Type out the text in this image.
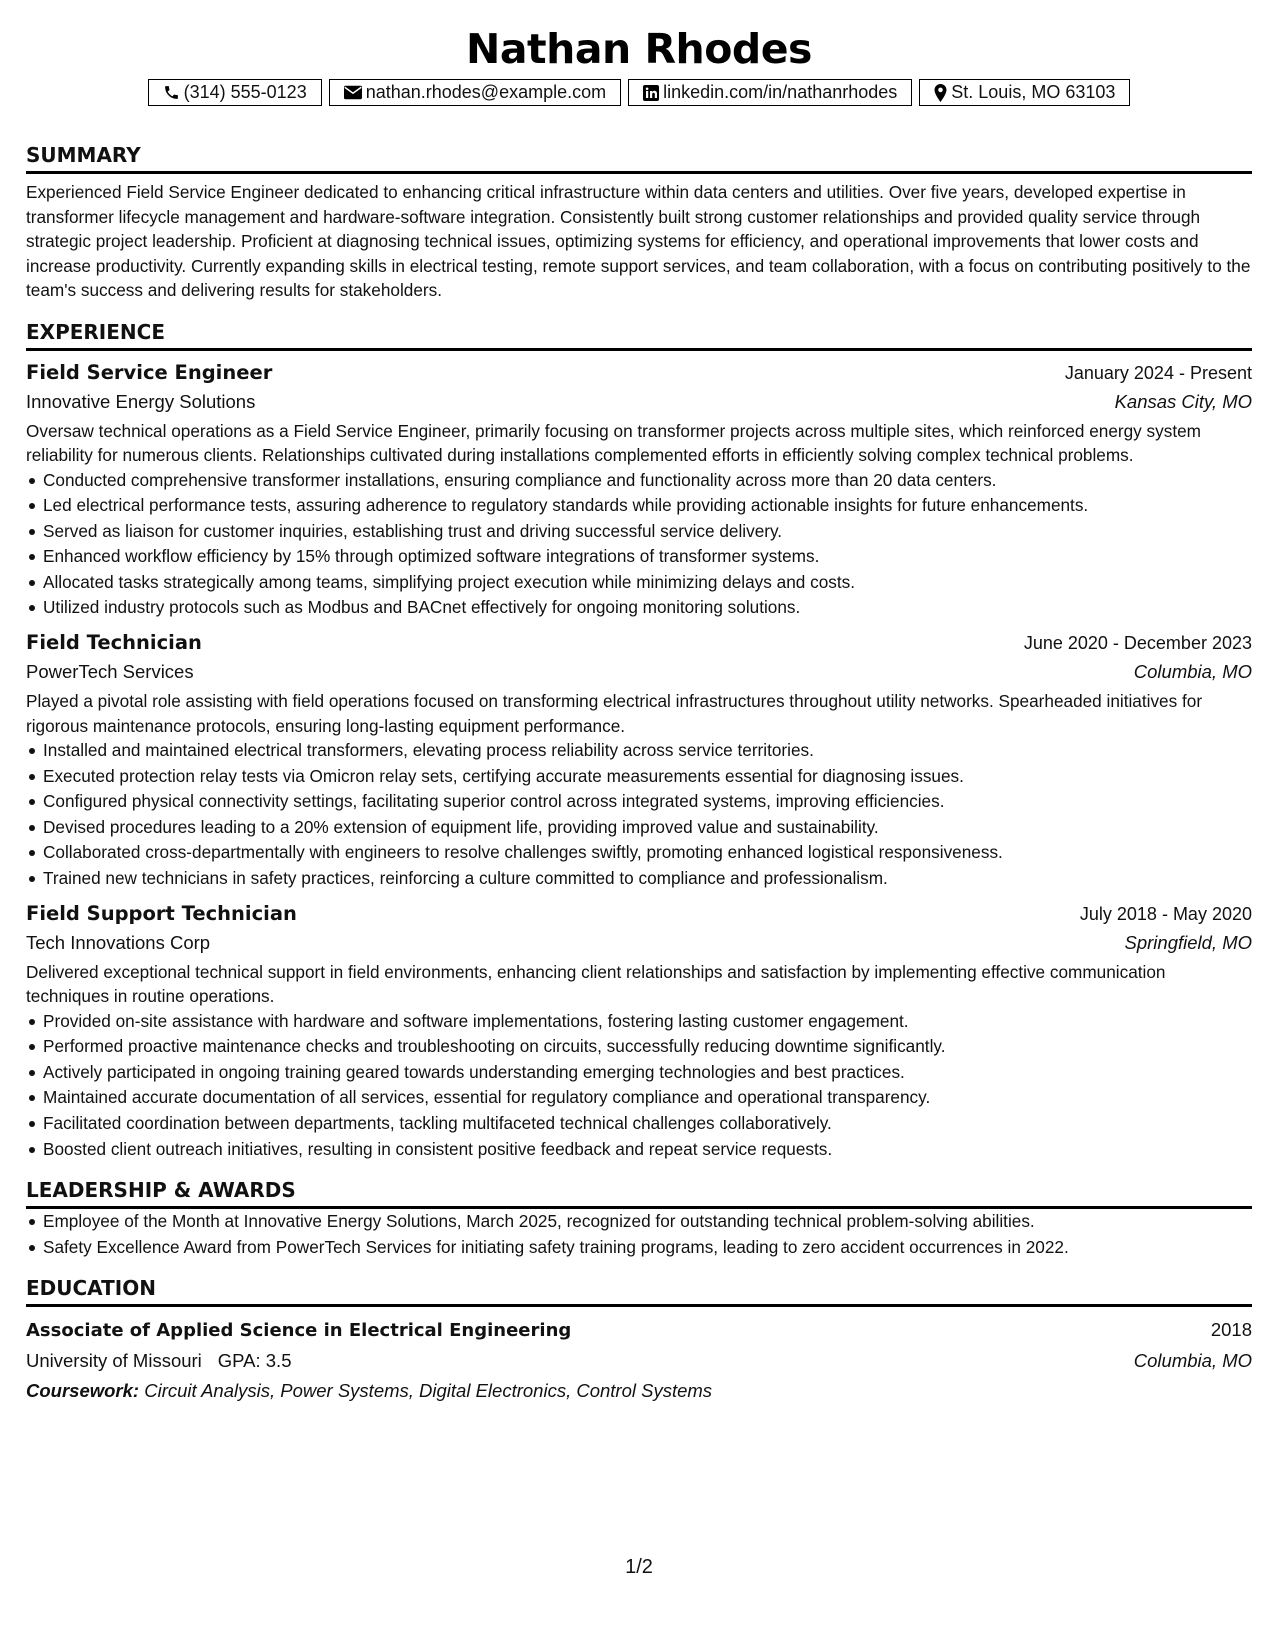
Nathan Rhodes
(314) 555-0123	nathan.rhodes@example.com	linkedin.com/in/nathanrhodes	St. Louis, MO 63103
SUMMARY

Experienced Field Service Engineer dedicated to enhancing critical infrastructure within data centers and utilities. Over five years, developed expertise in transformer lifecycle management and hardware-software integration. Consistently built strong customer relationships and provided quality service through strategic project leadership. Proficient at diagnosing technical issues, optimizing systems for efficiency, and operational improvements that lower costs and increase productivity. Currently expanding skills in electrical testing, remote support services, and team collaboration, with a focus on contributing positively to the team's success and delivering results for stakeholders.

EXPERIENCE
Field Service Engineer	January 2024 - Present
Innovative Energy Solutions	Kansas City, MO

Oversaw technical operations as a Field Service Engineer, primarily focusing on transformer projects across multiple sites, which reinforced energy system reliability for numerous clients. Relationships cultivated during installations complemented efforts in efficiently solving complex technical problems.

Conducted comprehensive transformer installations, ensuring compliance and functionality across more than 20 data centers.
Led electrical performance tests, assuring adherence to regulatory standards while providing actionable insights for future enhancements.
Served as liaison for customer inquiries, establishing trust and driving successful service delivery.
Enhanced workflow efficiency by 15% through optimized software integrations of transformer systems.
Allocated tasks strategically among teams, simplifying project execution while minimizing delays and costs.
Utilized industry protocols such as Modbus and BACnet effectively for ongoing monitoring solutions.
Field Technician	June 2020 - December 2023
PowerTech Services	Columbia, MO

Played a pivotal role assisting with field operations focused on transforming electrical infrastructures throughout utility networks. Spearheaded initiatives for rigorous maintenance protocols, ensuring long-lasting equipment performance.

Installed and maintained electrical transformers, elevating process reliability across service territories.
Executed protection relay tests via Omicron relay sets, certifying accurate measurements essential for diagnosing issues.
Configured physical connectivity settings, facilitating superior control across integrated systems, improving efficiencies.
Devised procedures leading to a 20% extension of equipment life, providing improved value and sustainability.
Collaborated cross-departmentally with engineers to resolve challenges swiftly, promoting enhanced logistical responsiveness.
Trained new technicians in safety practices, reinforcing a culture committed to compliance and professionalism.
Field Support Technician	July 2018 - May 2020
Tech Innovations Corp	Springfield, MO

Delivered exceptional technical support in field environments, enhancing client relationships and satisfaction by implementing effective communication techniques in routine operations.

Provided on-site assistance with hardware and software implementations, fostering lasting customer engagement.
Performed proactive maintenance checks and troubleshooting on circuits, successfully reducing downtime significantly.
Actively participated in ongoing training geared towards understanding emerging technologies and best practices.
Maintained accurate documentation of all services, essential for regulatory compliance and operational transparency.
Facilitated coordination between departments, tackling multifaceted technical challenges collaboratively.
Boosted client outreach initiatives, resulting in consistent positive feedback and repeat service requests.
LEADERSHIP & AWARDS
Employee of the Month at Innovative Energy Solutions, March 2025, recognized for outstanding technical problem-solving abilities.
Safety Excellence Award from PowerTech Services for initiating safety training programs, leading to zero accident occurrences in 2022.
EDUCATION
Associate of Applied Science in Electrical Engineering	2018
University of Missouri GPA: 3.5	Columbia, MO
Coursework: Circuit Analysis, Power Systems, Digital Electronics, Control Systems
1/2
